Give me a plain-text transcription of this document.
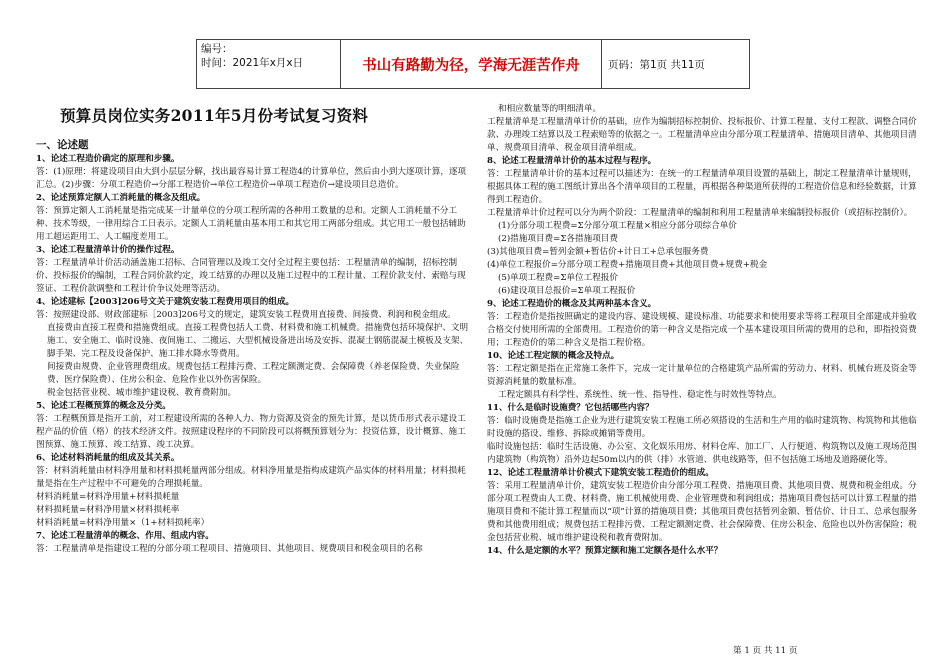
编号：
时间：2021年x月x日	书山有路勤为径，学海无涯苦作舟	页码：第1页 共11页
预算员岗位实务2011年5月份考试复习资料

一、论述题

1、论述工程造价确定的原理和步骤。

答：(1)原理：将建设项目由大到小层层分解，找出最容易计算工程造4的计算单位，然后由小到大逐项计算，逐项汇总。(2)步骤：分项工程造价→分部工程造价→单位工程造价→单项工程造价→建设项目总造价。

2、论述预算定额人工消耗量的概念及组成。

答：预算定额人工消耗量是指完成某一计量单位的分项工程所需的各种用工数量的总和。定额人工消耗量不分工种、技术等级，一律用综合工日表示。定额人工消耗量由基本用工和其它用工两部分组成。其它用工一般包括辅助用工超运距用工、人工幅度差用工。

3、论述工程量清单计价的操作过程。

答：工程量清单计价活动涵盖施工招标、合同管理以及竣工交付全过程主要包括：工程量清单的编制，招标控制价、投标报价的编制，工程合同价款约定，竣工结算的办理以及施工过程中的工程计量、工程价款支付、索赔与现签证、工程价款调整和工程计价争议处理等活动。

4、论述建标【2003]206号文关于建筑安装工程费用项目的组成。

答：按照建设部、财政部建标［2003]206号文的规定，建筑安装工程费用直接费、间接费、利润和税金组成。

直接费由直接工程费和措施费组成。直接工程费包括人工费、材料费和施工机械费。措施费包括环境保护、文明施工、安全施工、临时设施、夜间施工、二搬运、大型机械设备进出场及安拆、混凝土钢筋混凝土模板及支架、脚手架、完工程及设备保护、施工排水降水等费用。

间接费由规费、企业管理费组成。规费包括工程排污费、工程定额测定费、会保障费（养老保险费、失业保险费、医疗保险费）、住房公积金、危险作业以外伤害保险。

税金包括营业税、城市维护建设税、教育费附加。

5、论述工程概预算的概念及分类。

答：工程概预算是指开工前，对工程建设所需的各种人力、物力资源及资金的预先计算，是以货币形式表示建设工程产品的价值（格）的技术经济文件。按照建设程序的不同阶段可以将概预算划分为：投资估算，设计概算、施工图预算、施工预算、竣工结算、竣工决算。

6、论述材料消耗量的组成及其关系。

答：材料消耗量由材料净用量和材料损耗量两部分组成。材料净用量是指构成建筑产品实体的材料用量；材料损耗量是指在生产过程中不可避免的合理损耗量。

材料消耗量=材料净用量+材料损耗量

材料损耗量=材料净用量×材料损耗率

材料消耗量=材料净用量×（1+材料损耗率）

7、论述工程量清单的概念、作用、组成内容。

答：工程量清单是指建设工程的分部分项工程项目、措施项目、其他项目、规费项目和税金项目的名称

和相应数量等的明细清单。

工程量清单是工程量清单计价的基础，应作为编制招标控制价、投标报价、计算工程量、支付工程款、调整合同价款、办理竣工结算以及工程索赔等的依据之一。工程量清单应由分部分项工程量清单、措施项目清单、其他项目清单、规费项目清单、税金项目清单组成。

8、论述工程量清单计价的基本过程与程序。

答：工程量清单计价的基本过程可以描述为：在统一的工程量清单项目设置的基础上，制定工程量清单计量规则，根据具体工程的施工图纸计算出各个清单项目的工程量，再根据各种渠道所获得的工程造价信息和经验数据，计算得到工程造价。

工程量清单计价过程可以分为两个阶段：工程量清单的编制和利用工程量清单来编制投标报价（或招标控制价）。

(1)分部分项工程费=Σ分部分项工程量×相应分部分项综合单价

(2)措施项目费=Σ各措施项目费

(3)其他项目费=暂列金额+暂估价+计日工+总承包服务费

(4)单位工程报价=分部分项工程费+措施项目费+其他项目费+规费+税金

(5)单项工程费=Σ单位工程报价

(6)建设项目总报价=Σ单项工程报价

9、论述工程造价的概念及其两种基本含义。

答：工程造价是指按照确定的建设内容、建设规模、建设标准、功能要求和使用要求等将工程项目全部建成并验收合格交付使用所需的全部费用。工程造价的第一种含义是指完成一个基本建设项目所需的费用的总和，即指投资费用；工程造价的第二种含义是指工程价格。

10、论述工程定额的概念及特点。

答：工程定额是指在正常施工条件下，完成一定计量单位的合格建筑产品所需的劳动力、材料、机械台班及资金等资源消耗量的数量标准。

工程定额具有科学性、系统性、统一性、指导性、稳定性与时效性等特点。

11、什么是临时设施费？它包括哪些内容？

答：临时设施费是指施工企业为进行建筑安装工程施工所必须搭设的生活和生产用的临时建筑物、构筑物和其他临时设施的搭设、维修、拆除或摊销等费用。

临时设施包括：临时生活设施、办公室、文化娱乐用房、材料仓库、加工厂、人行便道、构筑物以及施工现场范围内建筑物（构筑物）沿外边起50m以内的供（排）水管道、供电线路等，但不包括施工场地及道路硬化等。

12、论述工程量清单计价模式下建筑安装工程造价的组成。

答：采用工程量清单计价，建筑安装工程造价由分部分项工程费、措施项目费、其他项目费、规费和税金组成。分部分项工程费由人工费、材料费、施工机械使用费、企业管理费和利润组成；措施项目费包括可以计算工程量的措施项目费和不能计算工程量而以“项”计算的措施项目费；其他项目费包括暂列金额、暂估价、计日工、总承包服务费和其他费用组成；规费包括工程排污费、工程定额测定费、社会保障费、住房公积金、危险也以外伤害保险；税金包括营业税、城市维护建设税和教育费附加。

14、什么是定额的水平？预算定额和施工定额各是什么水平？

第 1 页 共 11 页
